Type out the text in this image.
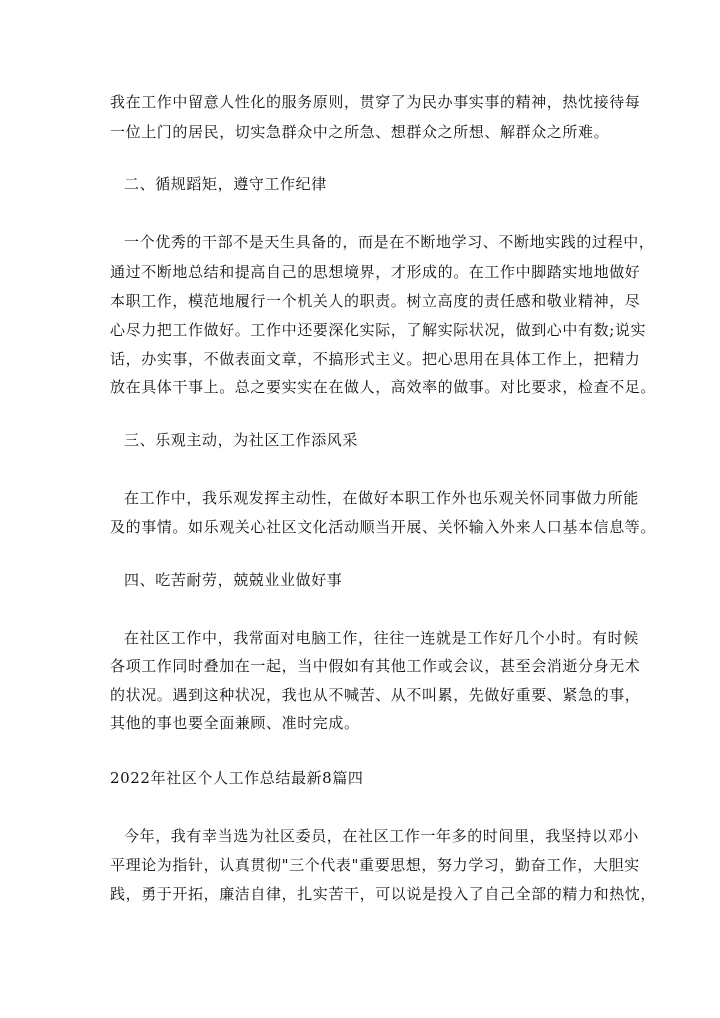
我在工作中留意人性化的服务原则，贯穿了为民办事实事的精神，热忱接待每
一位上门的居民，切实急群众中之所急、想群众之所想、解群众之所难。
二、循规蹈矩，遵守工作纪律
一个优秀的干部不是天生具备的，而是在不断地学习、不断地实践的过程中，
通过不断地总结和提高自己的思想境界，才形成的。在工作中脚踏实地地做好
本职工作，模范地履行一个机关人的职责。树立高度的责任感和敬业精神，尽
心尽力把工作做好。工作中还要深化实际，了解实际状况，做到心中有数;说实
话，办实事，不做表面文章，不搞形式主义。把心思用在具体工作上，把精力
放在具体干事上。总之要实实在在做人，高效率的做事。对比要求，检查不足。
三、乐观主动，为社区工作添风采
在工作中，我乐观发挥主动性，在做好本职工作外也乐观关怀同事做力所能
及的事情。如乐观关心社区文化活动顺当开展、关怀输入外来人口基本信息等。
四、吃苦耐劳，兢兢业业做好事
在社区工作中，我常面对电脑工作，往往一连就是工作好几个小时。有时候
各项工作同时叠加在一起，当中假如有其他工作或会议，甚至会消逝分身无术
的状况。遇到这种状况，我也从不喊苦、从不叫累，先做好重要、紧急的事，
其他的事也要全面兼顾、准时完成。
2022年社区个人工作总结最新8篇四
今年，我有幸当选为社区委员，在社区工作一年多的时间里，我坚持以邓小
平理论为指针，认真贯彻"三个代表"重要思想，努力学习，勤奋工作，大胆实
践，勇于开拓，廉洁自律，扎实苦干，可以说是投入了自己全部的精力和热忱，
